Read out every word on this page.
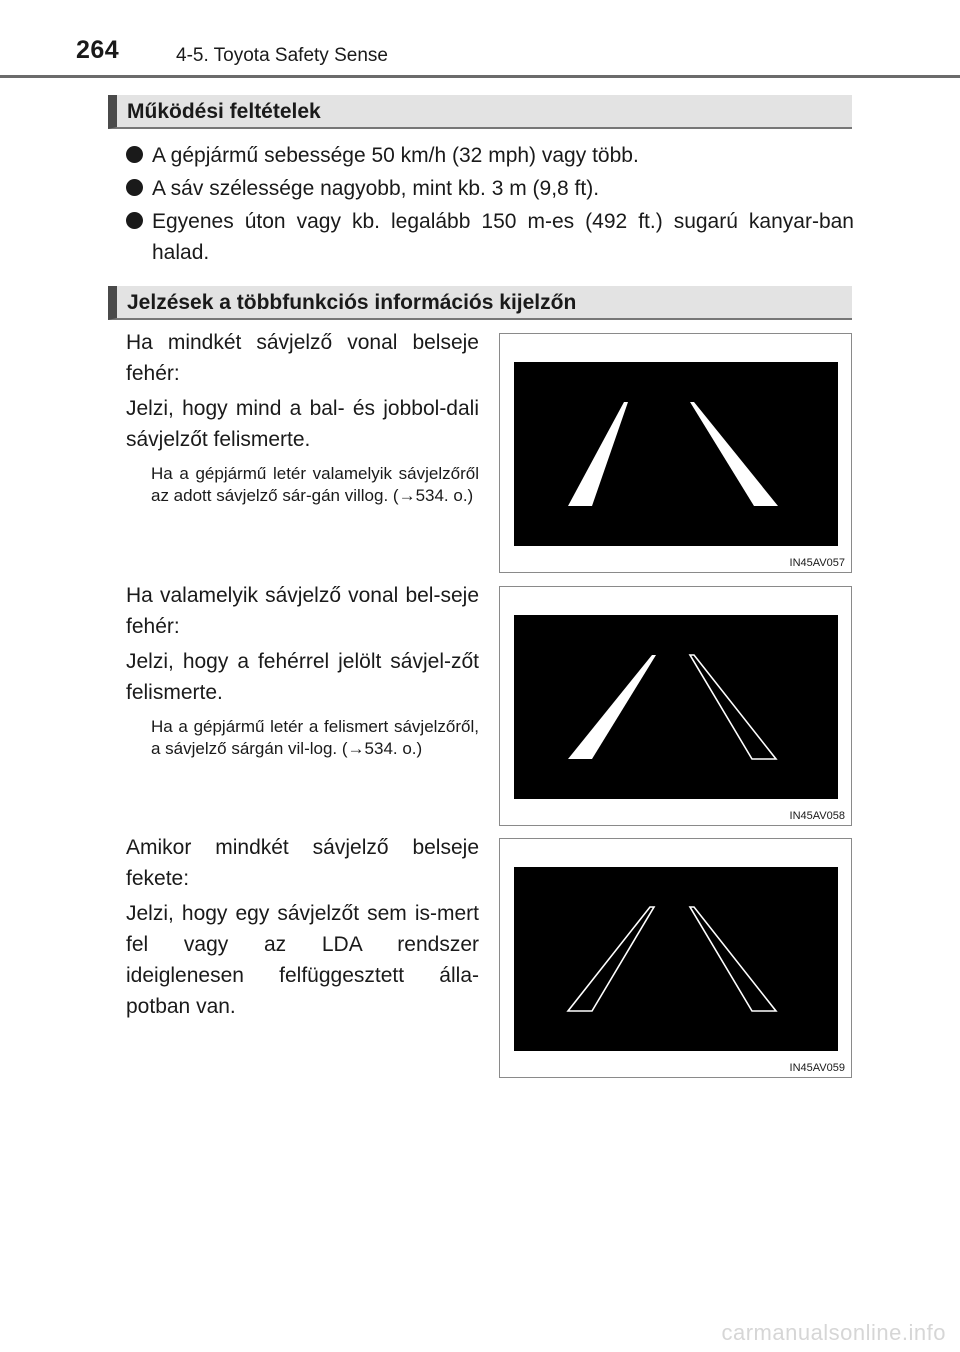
264	4-5. Toyota Safety Sense
Működési feltételek
A gépjármű sebessége 50 km/h (32 mph) vagy több.
A sáv szélessége nagyobb, mint kb. 3 m (9,8 ft).
Egyenes úton vagy kb. legalább 150 m-es (492 ft.) sugarú kanyar-ban halad.
Jelzések a többfunkciós információs kijelzőn

Ha mindkét sávjelző vonal belseje fehér:

Jelzi, hogy mind a bal- és jobbol-dali sávjelzőt felismerte.

Ha a gépjármű letér valamelyik sávjelzőről az adott sávjelző sár-gán villog. (→534. o.)

IN45AV057

Ha valamelyik sávjelző vonal bel-seje fehér:

Jelzi, hogy a fehérrel jelölt sávjel-zőt felismerte.

Ha a gépjármű letér a felismert sávjelzőről, a sávjelző sárgán vil-log. (→534. o.)

IN45AV058

Amikor mindkét sávjelző belseje fekete:

Jelzi, hogy egy sávjelzőt sem is-mert fel vagy az LDA rendszer ideiglenesen felfüggesztett álla-potban van.

IN45AV059
carmanualsonline.info
